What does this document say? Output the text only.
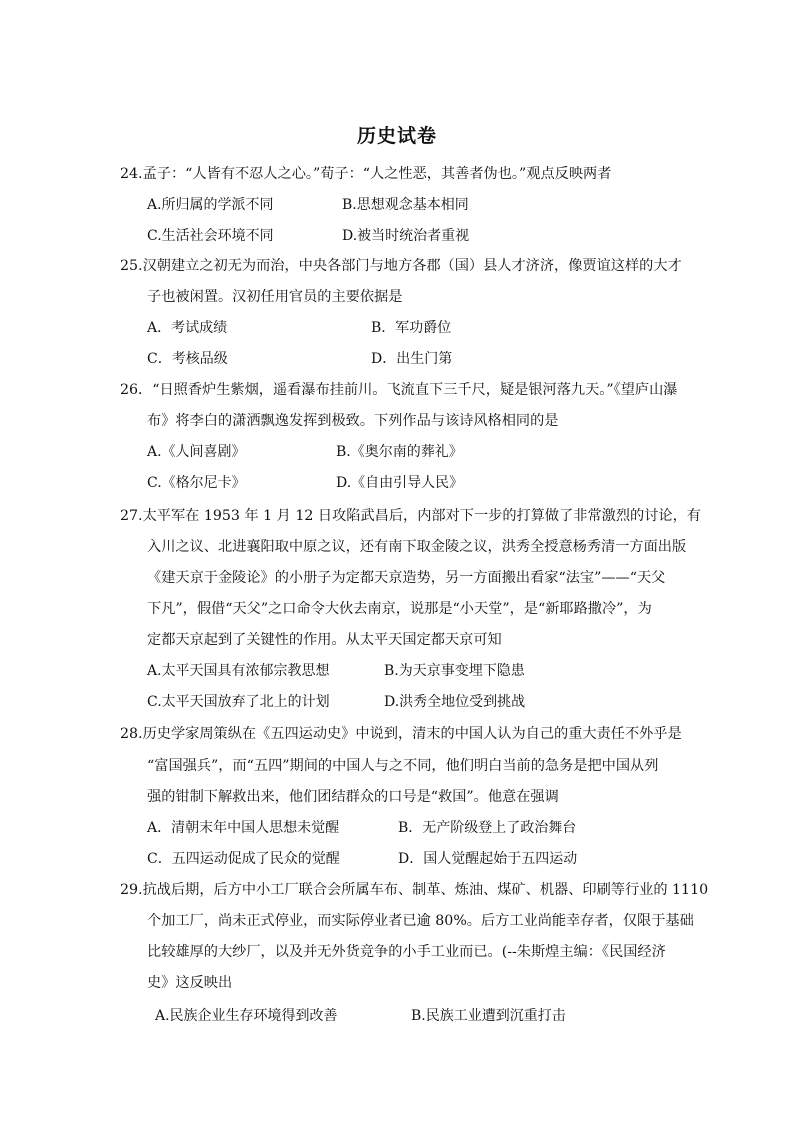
历史试卷
24.孟子：“人皆有不忍人之心。”荀子：“人之性恶，其善者伪也。”观点反映两者
A.所归属的学派不同	B.思想观念基本相同
C.生活社会环境不同	D.被当时统治者重视
25.汉朝建立之初无为而治，中央各部门与地方各郡（国）县人才济济，像贾谊这样的大才
子也被闲置。汉初任用官员的主要依据是
A．考试成绩	B．军功爵位
C．考核品级	D．出生门第
26．“日照香炉生紫烟，遥看瀑布挂前川。飞流直下三千尺，疑是银河落九天。”《望庐山瀑
布》将李白的潇洒飘逸发挥到极致。下列作品与该诗风格相同的是
A.《人间喜剧》	B.《奥尔南的葬礼》
C.《格尔尼卡》	D.《自由引导人民》
27.太平军在 1953 年 1 月 12 日攻陷武昌后，内部对下一步的打算做了非常激烈的讨论，有
入川之议、北进襄阳取中原之议，还有南下取金陵之议，洪秀全授意杨秀清一方面出版
《建天京于金陵论》的小册子为定都天京造势，另一方面搬出看家“法宝”——“天父
下凡”，假借“天父”之口命令大伙去南京，说那是“小天堂”，是“新耶路撒冷”，为
定都天京起到了关键性的作用。从太平天国定都天京可知
A.太平天国具有浓郁宗教思想	B.为天京事变埋下隐患
C.太平天国放弃了北上的计划	D.洪秀全地位受到挑战
28.历史学家周策纵在《五四运动史》中说到，清末的中国人认为自己的重大责任不外乎是
“富国强兵”，而“五四”期间的中国人与之不同，他们明白当前的急务是把中国从列
强的钳制下解救出来，他们团结群众的口号是“救国”。他意在强调
A．清朝末年中国人思想未觉醒	B．无产阶级登上了政治舞台
C．五四运动促成了民众的觉醒	D．国人觉醒起始于五四运动
29.抗战后期，后方中小工厂联合会所属车布、制革、炼油、煤矿、机器、印刷等行业的 1110
个加工厂，尚未正式停业，而实际停业者已逾 80%。后方工业尚能幸存者，仅限于基础
比较雄厚的大纱厂，以及并无外货竞争的小手工业而已。(--朱斯煌主编：《民国经济
史》这反映出
A.民族企业生存环境得到改善	B.民族工业遭到沉重打击
